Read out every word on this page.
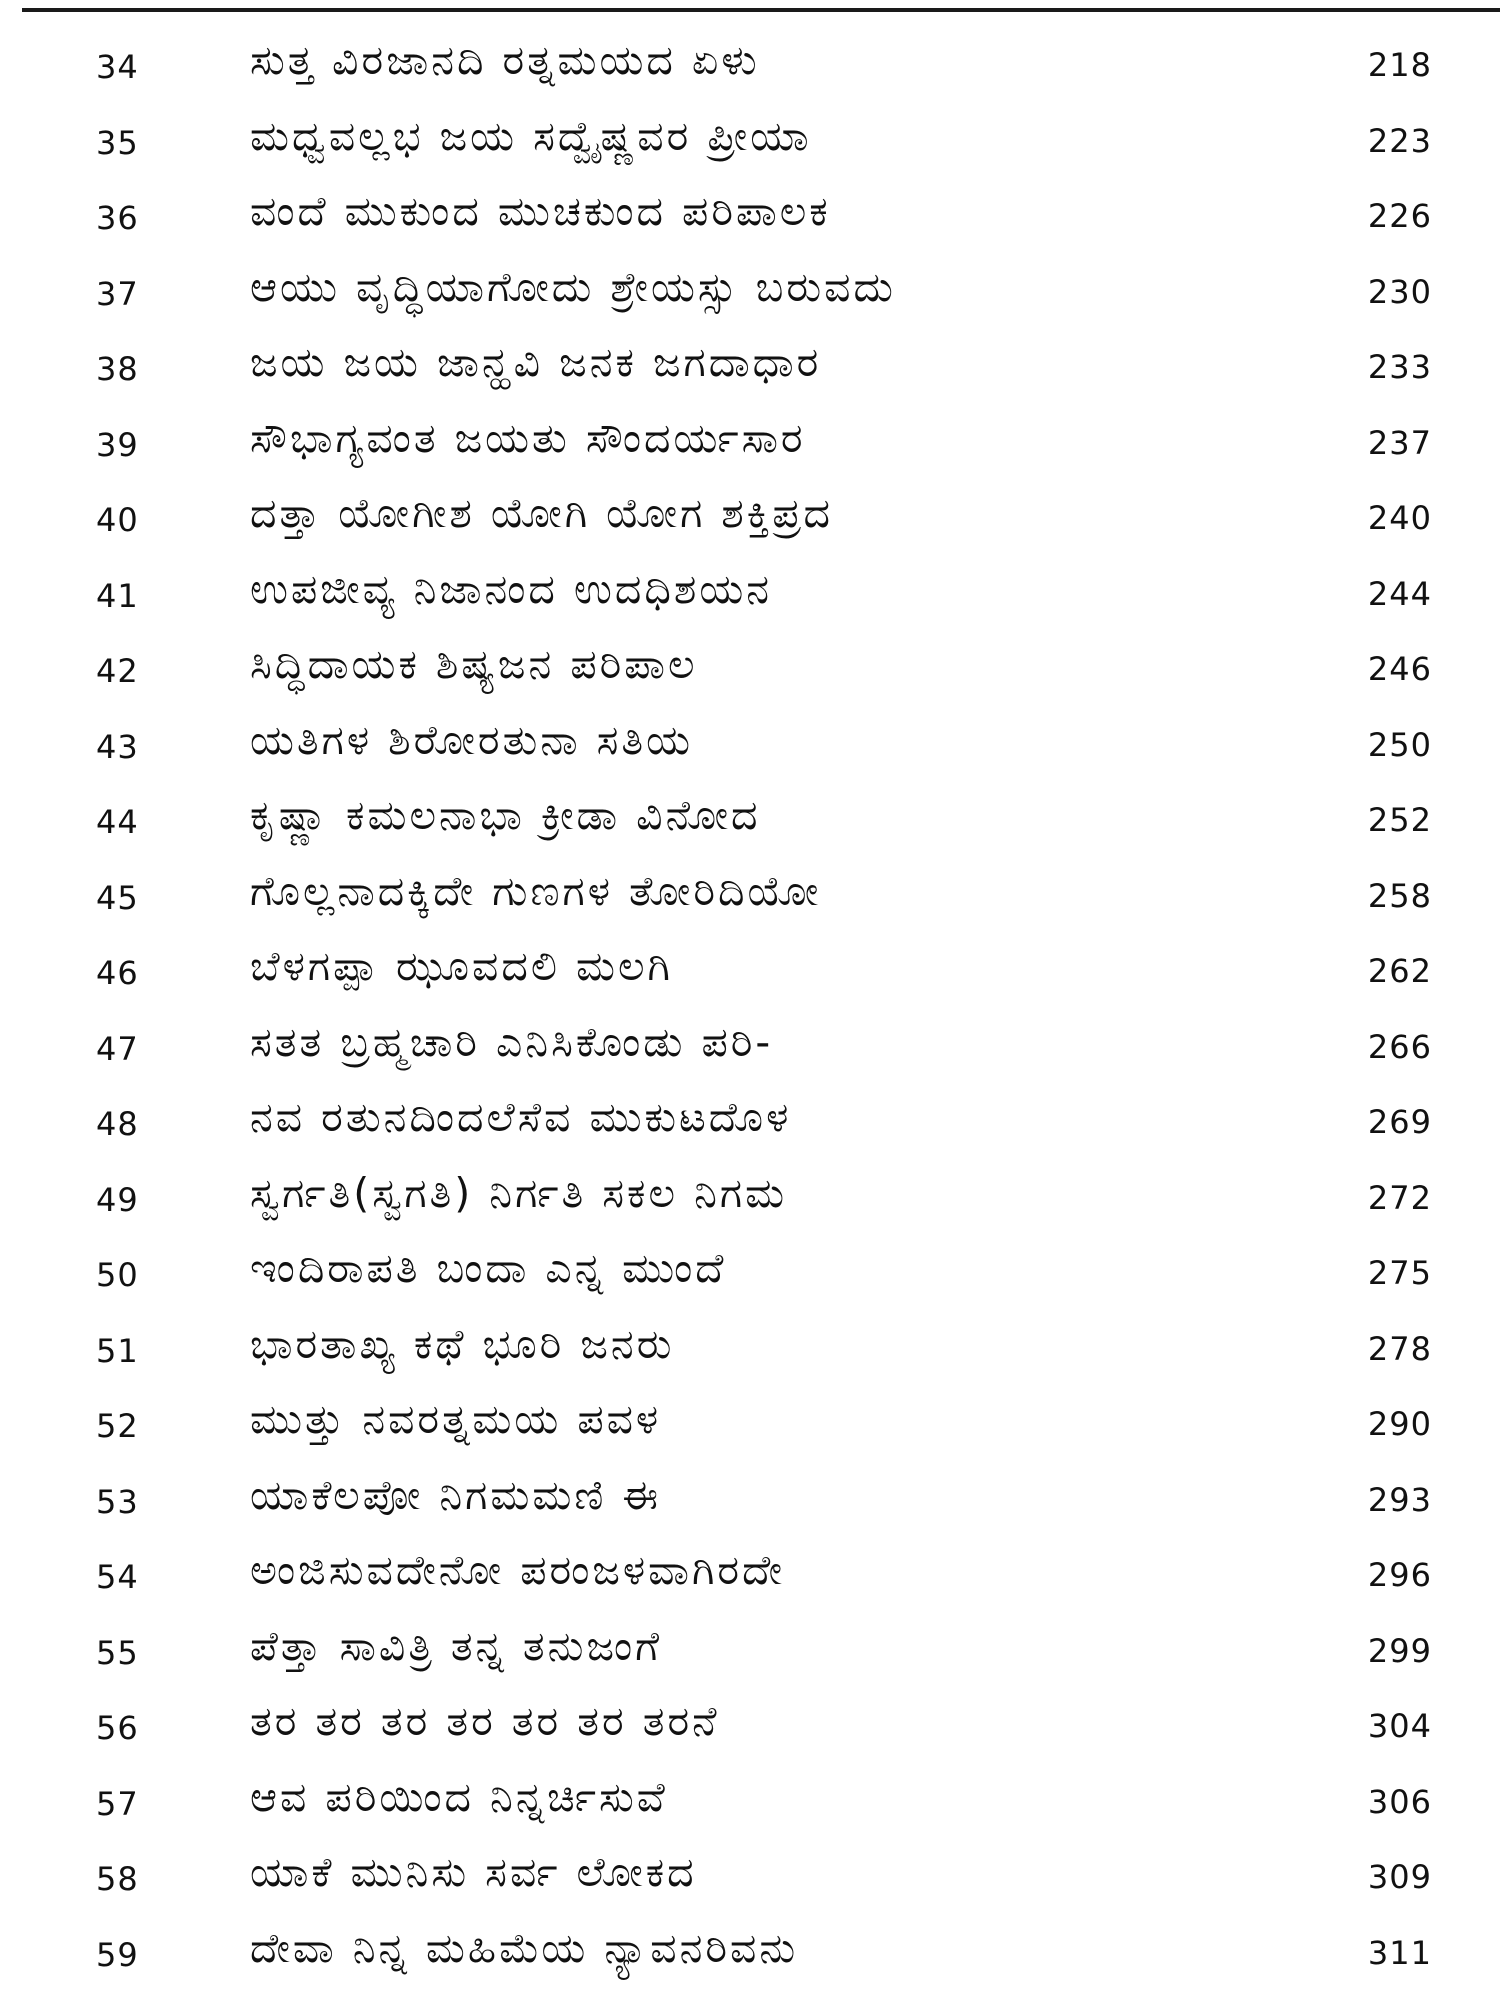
34	ಸುತ್ತ ವಿರಜಾನದಿ ರತ್ನಮಯದ ಏಳು	218
35	ಮಧ್ವವಲ್ಲಭ ಜಯ ಸದ್ವೈಷ್ಣವರ ಪ್ರೀಯಾ	223
36	ವಂದೆ ಮುಕುಂದ ಮುಚಕುಂದ ಪರಿಪಾಲಕ	226
37	ಆಯು ವೃದ್ಧಿಯಾಗೋದು ಶ್ರೇಯಸ್ಸು ಬರುವದು	230
38	ಜಯ ಜಯ ಜಾನ್ಹವಿ ಜನಕ ಜಗದಾಧಾರ	233
39	ಸೌಭಾಗ್ಯವಂತ ಜಯತು ಸೌಂದರ್ಯಸಾರ	237
40	ದತ್ತಾ ಯೋಗೀಶ ಯೋಗಿ ಯೋಗ ಶಕ್ತಿಪ್ರದ	240
41	ಉಪಜೀವ್ಯ ನಿಜಾನಂದ ಉದಧಿಶಯನ	244
42	ಸಿದ್ಧಿದಾಯಕ ಶಿಷ್ಯಜನ ಪರಿಪಾಲ	246
43	ಯತಿಗಳ ಶಿರೋರತುನಾ ಸತಿಯ	250
44	ಕೃಷ್ಣಾ ಕಮಲನಾಭಾ ಕ್ರೀಡಾ ವಿನೋದ	252
45	ಗೊಲ್ಲನಾದಕ್ಕಿದೇ ಗುಣಗಳ ತೋರಿದಿಯೋ	258
46	ಬೆಳಗಪ್ಪಾ ಝೂವದಲಿ ಮಲಗಿ	262
47	ಸತತ ಬ್ರಹ್ಮಚಾರಿ ಎನಿಸಿಕೊಂಡು ಪರಿ-	266
48	ನವ ರತುನದಿಂದಲೆಸೆವ ಮುಕುಟದೊಳ	269
49	ಸ್ವರ್ಗತಿ(ಸ್ವಗತಿ) ನಿರ್ಗತಿ ಸಕಲ ನಿಗಮ	272
50	ಇಂದಿರಾಪತಿ ಬಂದಾ ಎನ್ನ ಮುಂದೆ	275
51	ಭಾರತಾಖ್ಯ ಕಥೆ ಭೂರಿ ಜನರು	278
52	ಮುತ್ತು ನವರತ್ನಮಯ ಪವಳ	290
53	ಯಾಕೆಲಪೋ ನಿಗಮಮಣಿ ಈ	293
54	ಅಂಜಿಸುವದೇನೋ ಪರಂಜಳವಾಗಿರದೇ	296
55	ಪೆತ್ತಾ ಸಾವಿತ್ರಿ ತನ್ನ ತನುಜಂಗೆ	299
56	ತರ ತರ ತರ ತರ ತರ ತರ ತರನೆ	304
57	ಆವ ಪರಿಯಿಂದ ನಿನ್ನರ್ಚಿಸುವೆ	306
58	ಯಾಕೆ ಮುನಿಸು ಸರ್ವ ಲೋಕದ	309
59	ದೇವಾ ನಿನ್ನ ಮಹಿಮೆಯ ನ್ಯಾವನರಿವನು	311
